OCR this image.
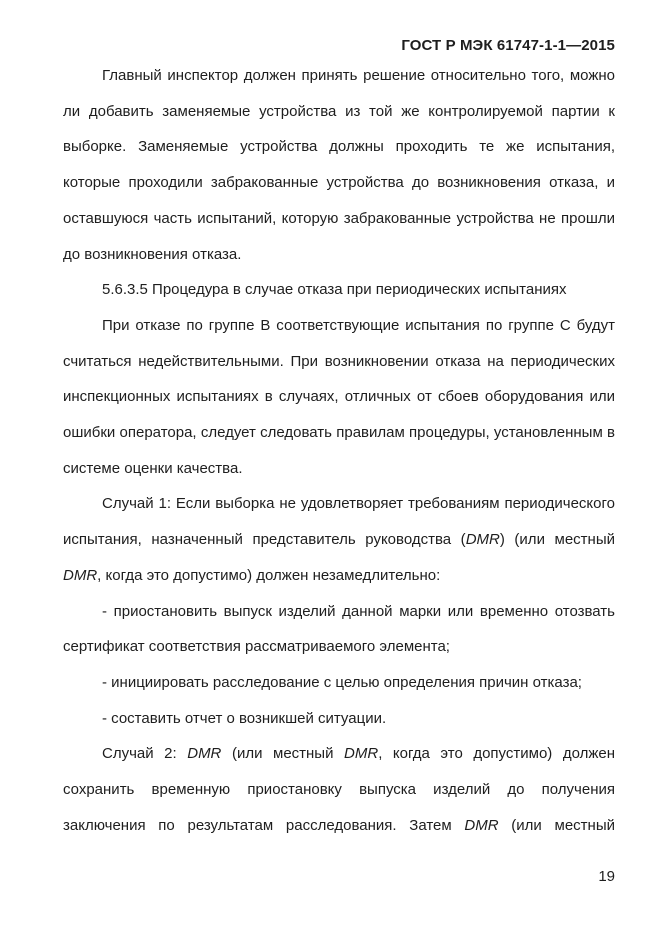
ГОСТ Р МЭК 61747-1-1—2015

Главный инспектор должен принять решение относительно того, можно ли добавить заменяемые устройства из той же контролируемой партии к выборке. Заменяемые устройства должны проходить те же испытания, которые проходили забракованные устройства до возникновения отказа, и оставшуюся часть испытаний, которую забракованные устройства не прошли до возникновения отказа.

5.6.3.5 Процедура в случае отказа при периодических испытаниях

При отказе по группе B соответствующие испытания по группе C будут считаться недействительными. При возникновении отказа на периодических инспекционных испытаниях в случаях, отличных от сбоев оборудования или ошибки оператора, следует следовать правилам процедуры, установленным в системе оценки качества.

Случай 1: Если выборка не удовлетворяет требованиям периодического испытания, назначенный представитель руководства (DMR) (или местный DMR, когда это допустимо) должен незамедлительно:

- приостановить выпуск изделий данной марки или временно отозвать сертификат соответствия рассматриваемого элемента;

- инициировать расследование с целью определения причин отказа;

- составить отчет о возникшей ситуации.

Случай 2: DMR (или местный DMR, когда это допустимо) должен сохранить временную приостановку выпуска изделий до получения заключения по результатам расследования. Затем DMR (или местный

19
